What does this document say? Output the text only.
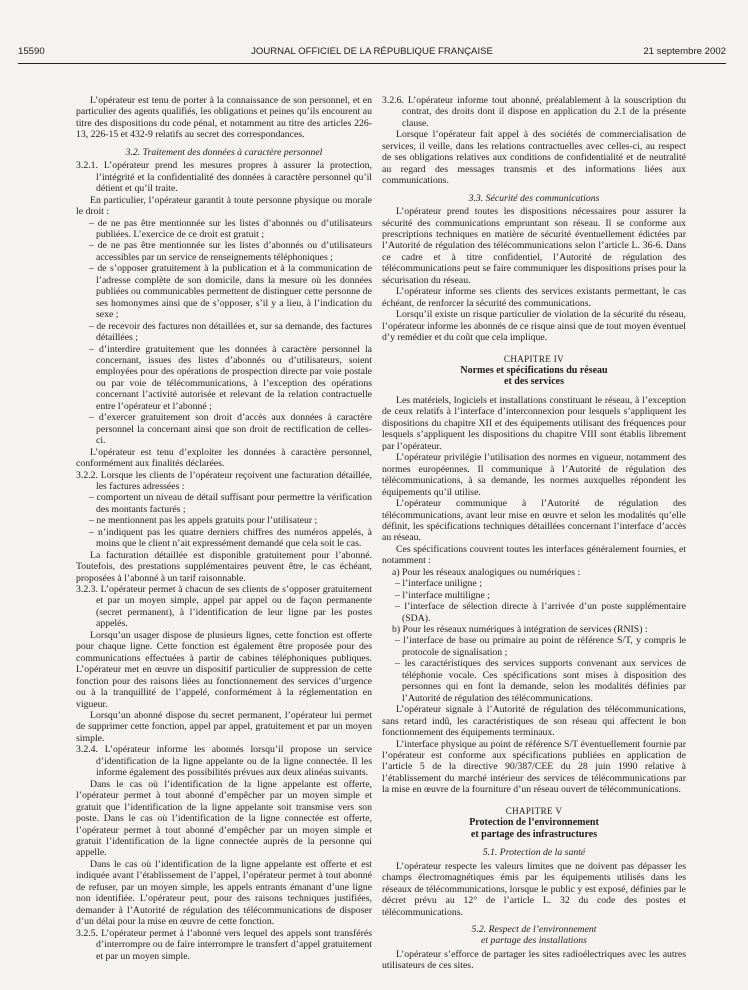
15590	JOURNAL OFFICIEL DE LA RÉPUBLIQUE FRANÇAISE	21 septembre 2002

L’opérateur est tenu de porter à la connaissance de son personnel, et en particulier des agents qualifiés, les obligations et peines qu’ils encourent au titre des dispositions du code pénal, et notamment au titre des articles 226-13, 226-15 et 432-9 relatifs au secret des correspondances.

3.2. Traitement des données à caractère personnel

3.2.1. L’opérateur prend les mesures propres à assurer la protection, l’intégrité et la confidentialité des données à caractère personnel qu’il détient et qu’il traite.

En particulier, l’opérateur garantit à toute personne physique ou morale le droit :

– de ne pas être mentionnée sur les listes d’abonnés ou d’utilisateurs publiées. L’exercice de ce droit est gratuit ;

– de ne pas être mentionnée sur les listes d’abonnés ou d’utilisateurs accessibles par un service de renseignements téléphoniques ;

– de s’opposer gratuitement à la publication et à la communication de l’adresse complète de son domicile, dans la mesure où les données publiées ou communicables permettent de distinguer cette personne de ses homonymes ainsi que de s’opposer, s’il y a lieu, à l’indication du sexe ;

– de recevoir des factures non détaillées et, sur sa demande, des factures détaillées ;

– d’interdire gratuitement que les données à caractère personnel la concernant, issues des listes d’abonnés ou d’utilisateurs, soient employées pour des opérations de prospection directe par voie postale ou par voie de télécommunications, à l’exception des opérations concernant l’activité autorisée et relevant de la relation contractuelle entre l’opérateur et l’abonné ;

– d’exercer gratuitement son droit d’accès aux données à caractère personnel la concernant ainsi que son droit de rectification de celles-ci.

L’opérateur est tenu d’exploiter les données à caractère personnel, conformément aux finalités déclarées.

3.2.2. Lorsque les clients de l’opérateur reçoivent une facturation détaillée, les factures adressées :

– comportent un niveau de détail suffisant pour permettre la vérification des montants facturés ;

– ne mentionnent pas les appels gratuits pour l’utilisateur ;

– n’indiquent pas les quatre derniers chiffres des numéros appelés, à moins que le client n’ait expressément demandé que cela soit le cas.

La facturation détaillée est disponible gratuitement pour l’abonné. Toutefois, des prestations supplémentaires peuvent être, le cas échéant, proposées à l’abonné à un tarif raisonnable.

3.2.3. L’opérateur permet à chacun de ses clients de s’opposer gratuitement et par un moyen simple, appel par appel ou de façon permanente (secret permanent), à l’identification de leur ligne par les postes appelés.

Lorsqu’un usager dispose de plusieurs lignes, cette fonction est offerte pour chaque ligne. Cette fonction est également être proposée pour des communications effectuées à partir de cabines téléphoniques publiques. L’opérateur met en œuvre un dispositif particulier de suppression de cette fonction pour des raisons liées au fonctionnement des services d’urgence ou à la tranquillité de l’appelé, conformément à la réglementation en vigueur.

Lorsqu’un abonné dispose du secret permanent, l’opérateur lui permet de supprimer cette fonction, appel par appel, gratuitement et par un moyen simple.

3.2.4. L’opérateur informe les abonnés lorsqu’il propose un service d’identification de la ligne appelante ou de la ligne connectée. Il les informe également des possibilités prévues aux deux alinéas suivants.

Dans le cas où l’identification de la ligne appelante est offerte, l’opérateur permet à tout abonné d’empêcher par un moyen simple et gratuit que l’identification de la ligne appelante soit transmise vers son poste. Dans le cas où l’identification de la ligne connectée est offerte, l’opérateur permet à tout abonné d’empêcher par un moyen simple et gratuit l’identification de la ligne connectée auprès de la personne qui appelle.

Dans le cas où l’identification de la ligne appelante est offerte et est indiquée avant l’établissement de l’appel, l’opérateur permet à tout abonné de refuser, par un moyen simple, les appels entrants émanant d’une ligne non identifiée. L’opérateur peut, pour des raisons techniques justifiées, demander à l’Autorité de régulation des télécommunications de disposer d’un délai pour la mise en œuvre de cette fonction.

3.2.5. L’opérateur permet à l’abonné vers lequel des appels sont transférés d’interrompre ou de faire interrompre le transfert d’appel gratuitement et par un moyen simple.

3.2.6. L’opérateur informe tout abonné, préalablement à la souscription du contrat, des droits dont il dispose en application du 2.1 de la présente clause.

Lorsque l’opérateur fait appel à des sociétés de commercialisation de services, il veille, dans les relations contractuelles avec celles-ci, au respect de ses obligations relatives aux conditions de confidentialité et de neutralité au regard des messages transmis et des informations liées aux communications.

3.3. Sécurité des communications

L’opérateur prend toutes les dispositions nécessaires pour assurer la sécurité des communications empruntant son réseau. Il se conforme aux prescriptions techniques en matière de sécurité éventuellement édictées par l’Autorité de régulation des télécommunications selon l’article L. 36-6. Dans ce cadre et à titre confidentiel, l’Autorité de régulation des télécommunications peut se faire communiquer les dispositions prises pour la sécurisation du réseau.

L’opérateur informe ses clients des services existants permettant, le cas échéant, de renforcer la sécurité des communications.

Lorsqu’il existe un risque particulier de violation de la sécurité du réseau, l’opérateur informe les abonnés de ce risque ainsi que de tout moyen éventuel d’y remédier et du coût que cela implique.

CHAPITRE IV

Normes et spécifications du réseau
et des services

Les matériels, logiciels et installations constituant le réseau, à l’exception de ceux relatifs à l’interface d’interconnexion pour lesquels s’appliquent les dispositions du chapitre XII et des équipements utilisant des fréquences pour lesquels s’appliquent les dispositions du chapitre VIII sont établis librement par l’opérateur.

L’opérateur privilégie l’utilisation des normes en vigueur, notamment des normes européennes. Il communique à l’Autorité de régulation des télécommunications, à sa demande, les normes auxquelles répondent les équipements qu’il utilise.

L’opérateur communique à l’Autorité de régulation des télécommunications, avant leur mise en œuvre et selon les modalités qu’elle définit, les spécifications techniques détaillées concernant l’interface d’accès au réseau.

Ces spécifications couvrent toutes les interfaces généralement fournies, et notamment :

a) Pour les réseaux analogiques ou numériques :

– l’interface uniligne ;

– l’interface multiligne ;

– l’interface de sélection directe à l’arrivée d’un poste supplémentaire (SDA).

b) Pour les réseaux numériques à intégration de services (RNIS) :

– l’interface de base ou primaire au point de référence S/T, y compris le protocole de signalisation ;

– les caractéristiques des services supports convenant aux services de téléphonie vocale. Ces spécifications sont mises à disposition des personnes qui en font la demande, selon les modalités définies par l’Autorité de régulation des télécommunications.

L’opérateur signale à l’Autorité de régulation des télécommunications, sans retard indû, les caractéristiques de son réseau qui affectent le bon fonctionnement des équipements terminaux.

L’interface physique au point de référence S/T éventuellement fournie par l’opérateur est conforme aux spécifications publiées en application de l’article 5 de la directive 90/387/CEE du 28 juin 1990 relative à l’établissement du marché intérieur des services de télécommunications par la mise en œuvre de la fourniture d’un réseau ouvert de télécommunications.

CHAPITRE V

Protection de l’environnement
et partage des infrastructures

5.1. Protection de la santé

L’opérateur respecte les valeurs limites que ne doivent pas dépasser les champs électromagnétiques émis par les équipements utilisés dans les réseaux de télécommunications, lorsque le public y est exposé, définies par le décret prévu au 12° de l’article L. 32 du code des postes et télécommunications.

5.2. Respect de l’environnement
et partage des installations

L’opérateur s’efforce de partager les sites radioélectriques avec les autres utilisateurs de ces sites.
